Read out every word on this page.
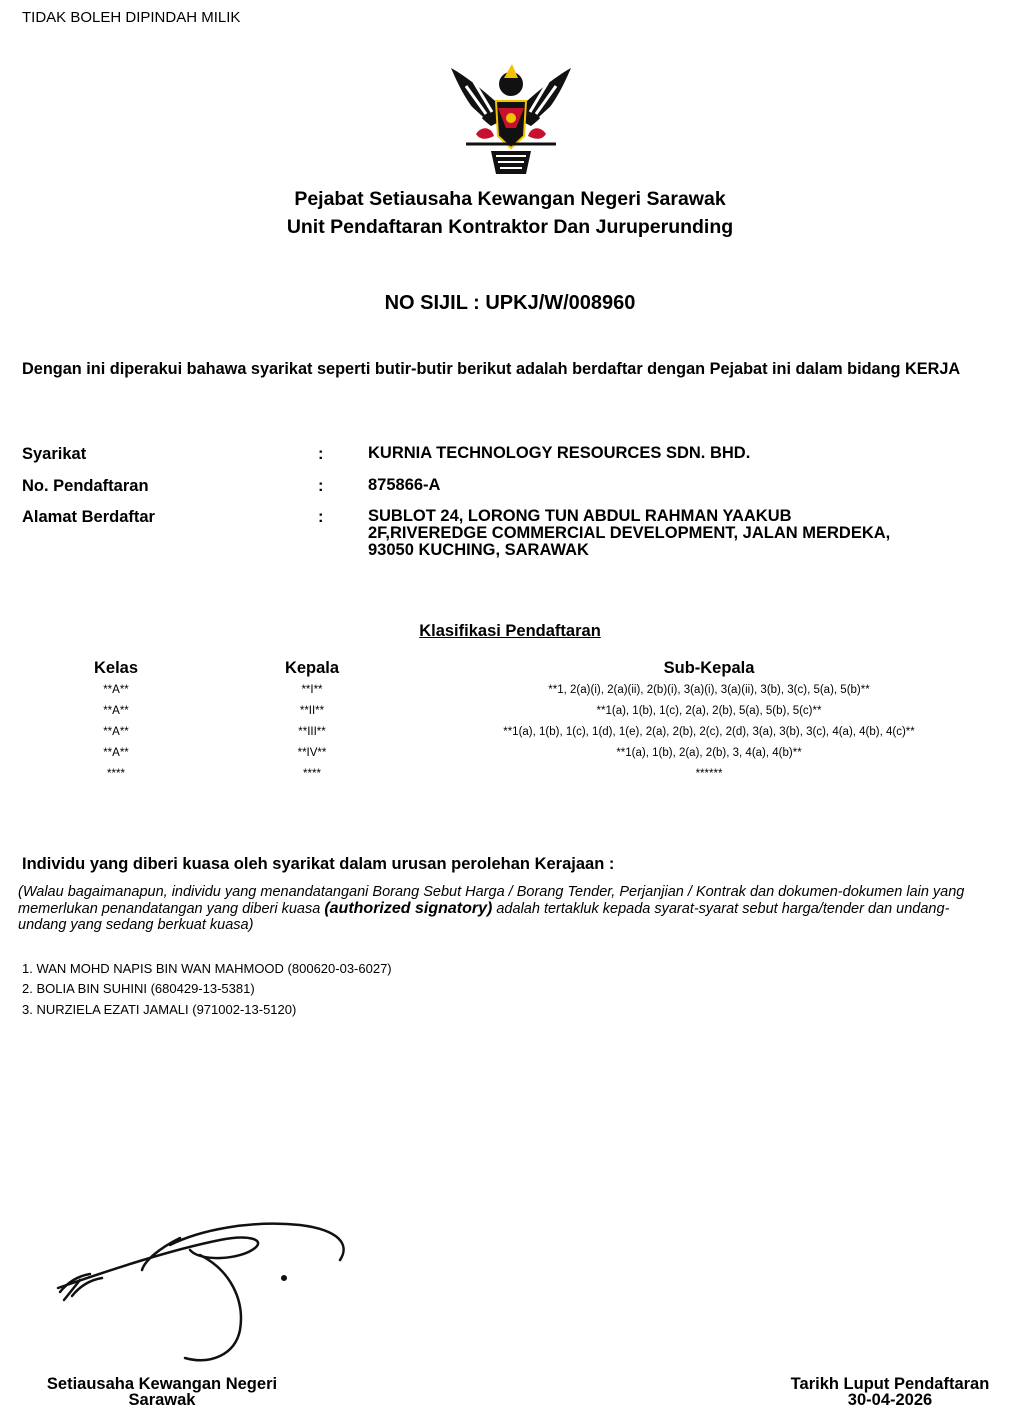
TIDAK BOLEH DIPINDAH MILIK
Pejabat Setiausaha Kewangan Negeri Sarawak
Unit Pendaftaran Kontraktor Dan Juruperunding
NO SIJIL : UPKJ/W/008960
Dengan ini diperakui bahawa syarikat seperti butir-butir berikut adalah berdaftar dengan Pejabat ini dalam bidang KERJA
Syarikat	:	KURNIA TECHNOLOGY RESOURCES SDN. BHD.
No. Pendaftaran	:	875866-A
Alamat Berdaftar	:	SUBLOT 24, LORONG TUN ABDUL RAHMAN YAAKUB
2F,RIVEREDGE COMMERCIAL DEVELOPMENT, JALAN MERDEKA,
93050 KUCHING, SARAWAK
Klasifikasi Pendaftaran
Kelas	Kepala	Sub-Kepala
**A**	**I**	**1, 2(a)(i), 2(a)(ii), 2(b)(i), 3(a)(i), 3(a)(ii), 3(b), 3(c), 5(a), 5(b)**
**A**	**II**	**1(a), 1(b), 1(c), 2(a), 2(b), 5(a), 5(b), 5(c)**
**A**	**III**	**1(a), 1(b), 1(c), 1(d), 1(e), 2(a), 2(b), 2(c), 2(d), 3(a), 3(b), 3(c), 4(a), 4(b), 4(c)**
**A**	**IV**	**1(a), 1(b), 2(a), 2(b), 3, 4(a), 4(b)**
****	****	******
Individu yang diberi kuasa oleh syarikat dalam urusan perolehan Kerajaan :
(Walau bagaimanapun, individu yang menandatangani Borang Sebut Harga / Borang Tender, Perjanjian / Kontrak dan dokumen-dokumen lain yang memerlukan penandatangan yang diberi kuasa (authorized signatory) adalah tertakluk kepada syarat-syarat sebut harga/tender dan undang-undang yang sedang berkuat kuasa)
1. WAN MOHD NAPIS BIN WAN MAHMOOD (800620-03-6027)
2. BOLIA BIN SUHINI (680429-13-5381)
3. NURZIELA EZATI JAMALI (971002-13-5120)
Setiausaha Kewangan Negeri
Sarawak
Tarikh Luput Pendaftaran
30-04-2026
